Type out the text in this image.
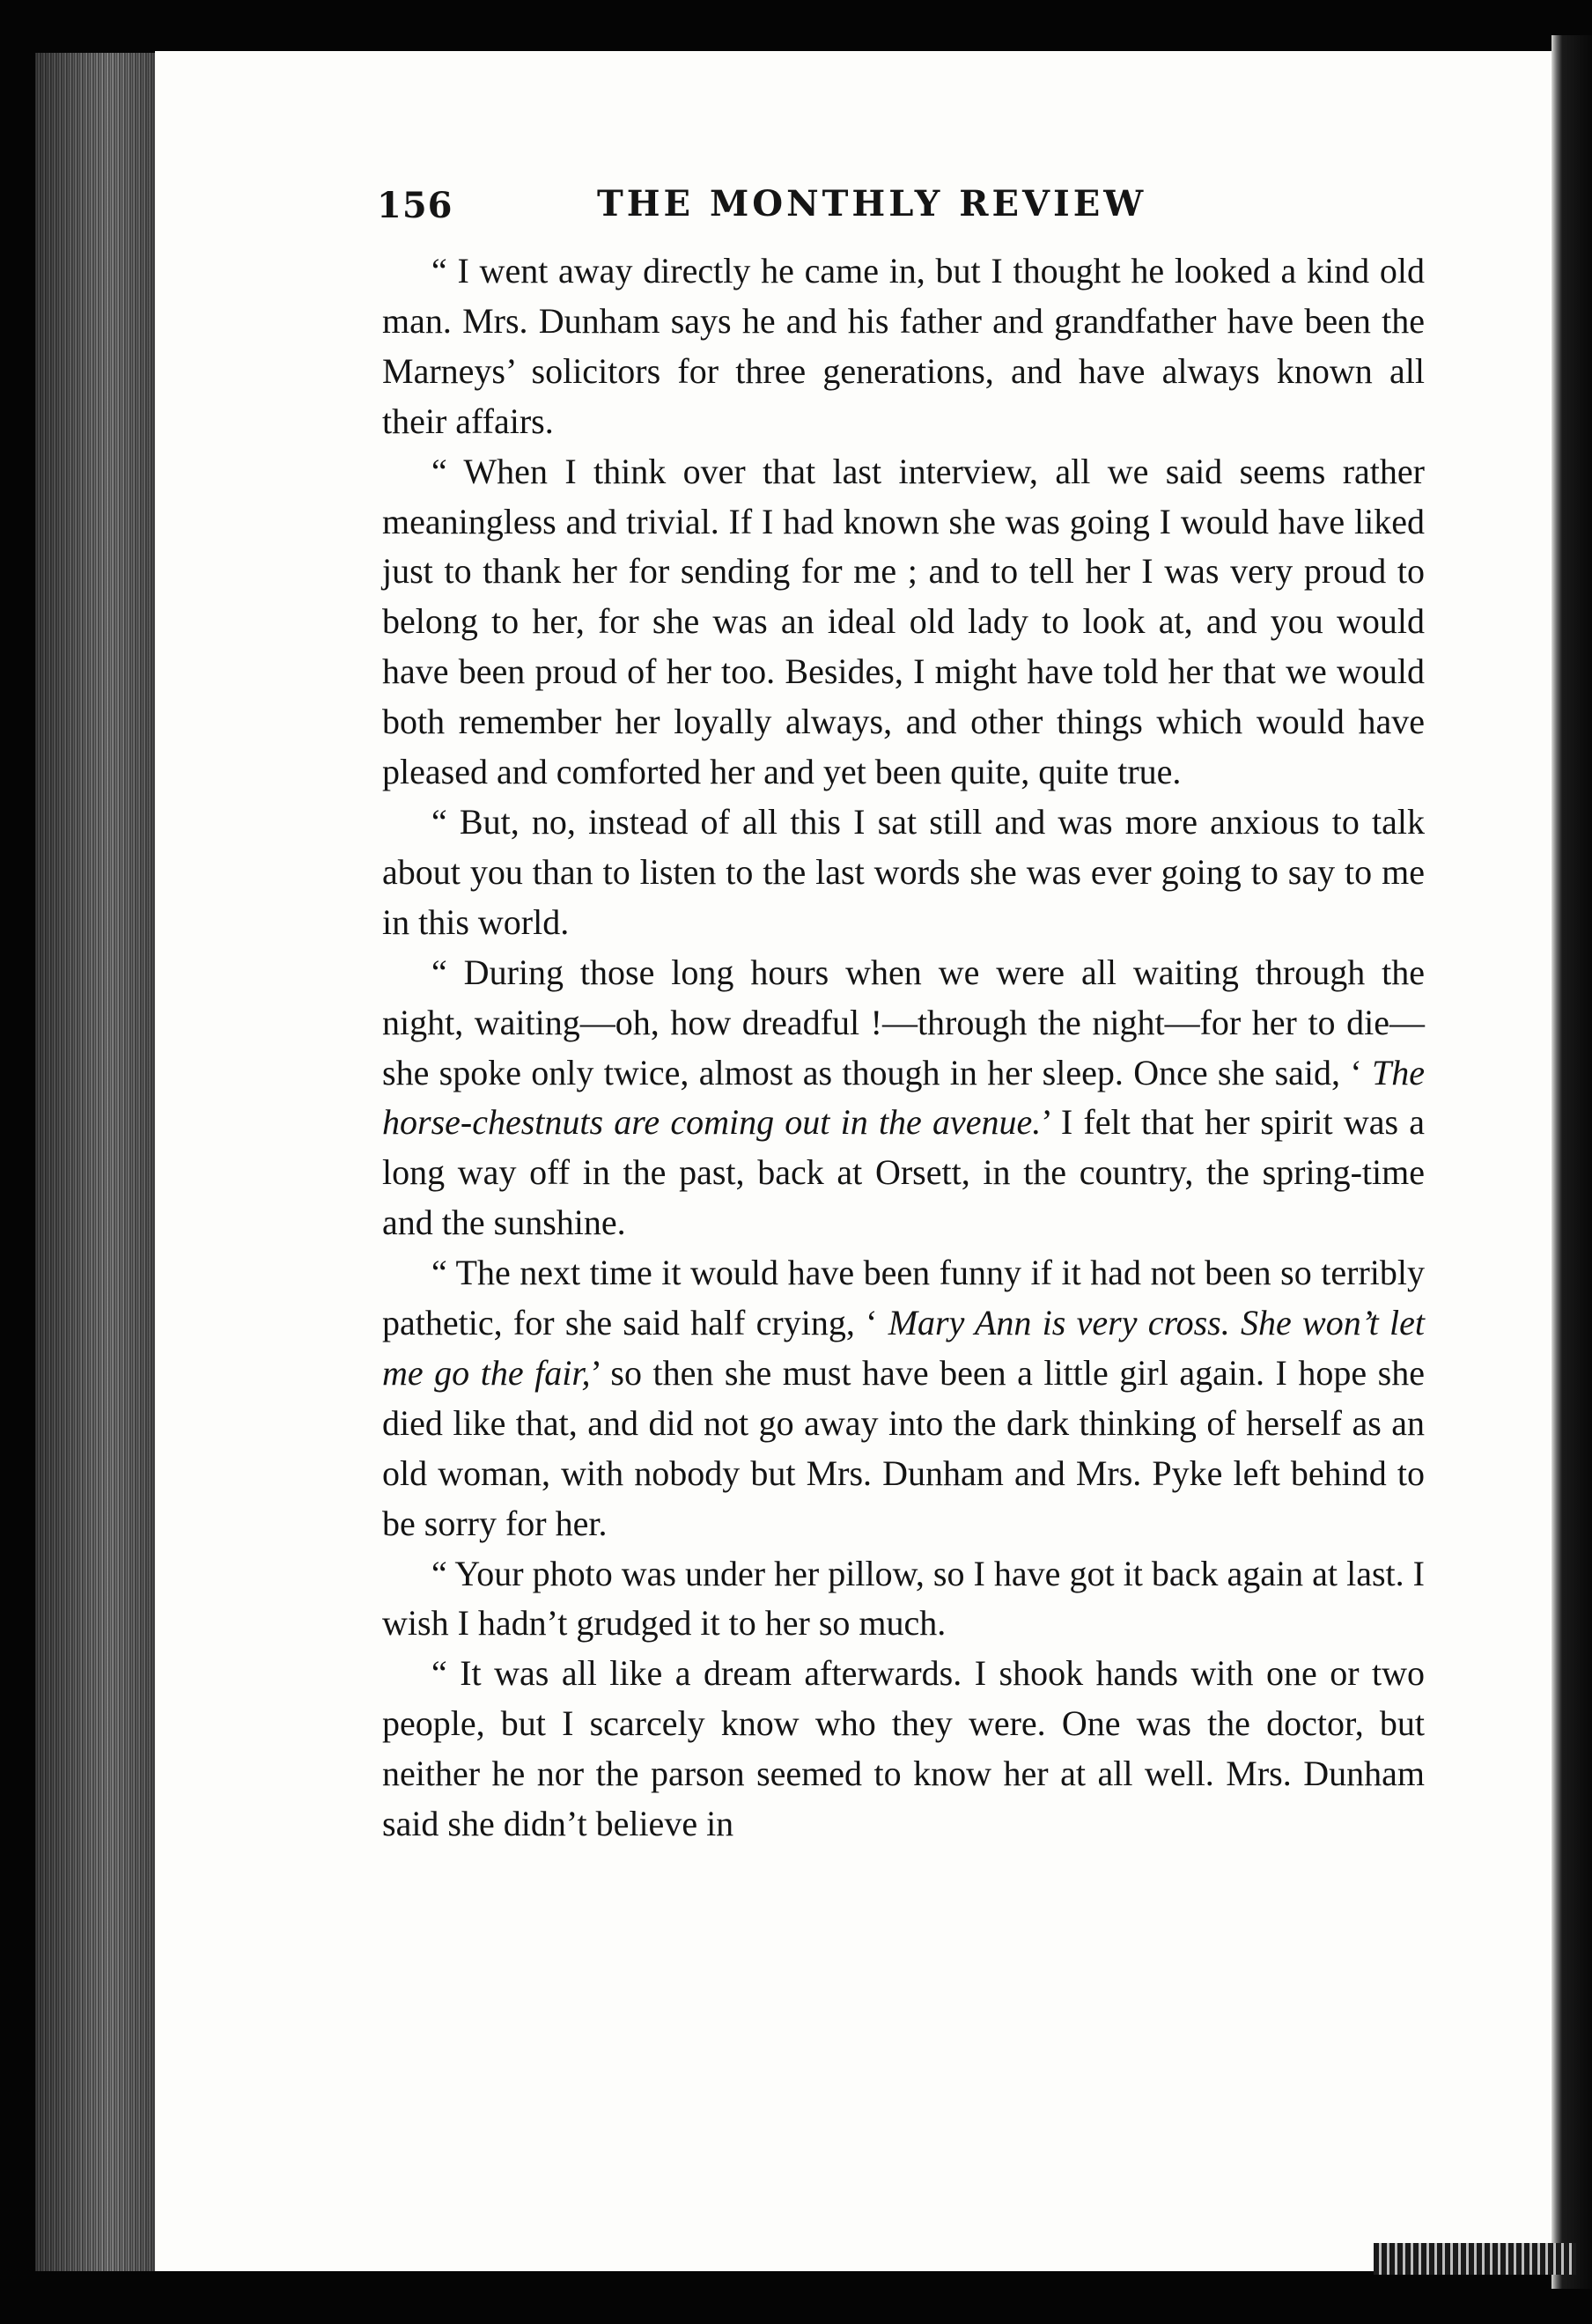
156	THE MONTHLY REVIEW

“ I went away directly he came in, but I thought he looked a kind old man. Mrs. Dunham says he and his father and grandfather have been the Marneys’ solicitors for three generations, and have always known all their affairs.

“ When I think over that last interview, all we said seems rather meaningless and trivial. If I had known she was going I would have liked just to thank her for sending for me ; and to tell her I was very proud to belong to her, for she was an ideal old lady to look at, and you would have been proud of her too. Besides, I might have told her that we would both remember her loyally always, and other things which would have pleased and comforted her and yet been quite, quite true.

“ But, no, instead of all this I sat still and was more anxious to talk about you than to listen to the last words she was ever going to say to me in this world.

“ During those long hours when we were all waiting through the night, waiting—oh, how dreadful !—through the night—for her to die—she spoke only twice, almost as though in her sleep. Once she said, ‘ The horse-chestnuts are coming out in the avenue.’ I felt that her spirit was a long way off in the past, back at Orsett, in the country, the spring-time and the sunshine.

“ The next time it would have been funny if it had not been so terribly pathetic, for she said half crying, ‘ Mary Ann is very cross. She won’t let me go the fair,’ so then she must have been a little girl again. I hope she died like that, and did not go away into the dark thinking of herself as an old woman, with nobody but Mrs. Dunham and Mrs. Pyke left behind to be sorry for her.

“ Your photo was under her pillow, so I have got it back again at last. I wish I hadn’t grudged it to her so much.

“ It was all like a dream afterwards. I shook hands with one or two people, but I scarcely know who they were. One was the doctor, but neither he nor the parson seemed to know her at all well. Mrs. Dunham said she didn’t believe in
